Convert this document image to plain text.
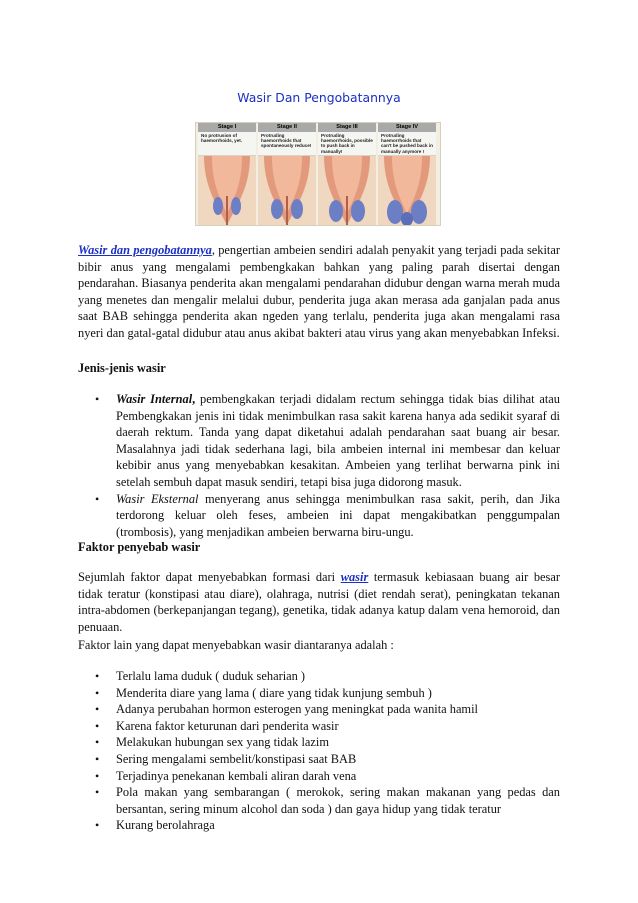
Wasir Dan Pengobatannya
Stage I
No protrusion of haemorrhoids, yet.
Stage II
Protruding haemorrhoids that spontaneously reduce!
Stage III
Protruding haemorrhoids, possible to push back in manually!
Stage IV
Protruding haemorrhoids that can't be pushed back in manually anymore !

Wasir dan pengobatannya, pengertian ambeien sendiri adalah penyakit yang terjadi pada sekitar bibir anus yang mengalami pembengkakan bahkan yang paling parah disertai dengan pendarahan. Biasanya penderita akan mengalami pendarahan didubur dengan warna merah muda yang menetes dan mengalir melalui dubur, penderita juga akan merasa ada ganjalan pada anus saat BAB sehingga penderita akan ngeden yang terlalu, penderita juga akan mengalami rasa nyeri dan gatal-gatal didubur atau anus akibat bakteri atau virus yang akan menyebabkan Infeksi.

Jenis-jenis wasir

• Wasir Internal, pembengkakan terjadi didalam rectum sehingga tidak bias dilihat atau Pembengkakan jenis ini tidak menimbulkan rasa sakit karena hanya ada sedikit syaraf di daerah rektum. Tanda yang dapat diketahui adalah pendarahan saat buang air besar. Masalahnya jadi tidak sederhana lagi, bila ambeien internal ini membesar dan keluar kebibir anus yang menyebabkan kesakitan. Ambeien yang terlihat berwarna pink ini setelah sembuh dapat masuk sendiri, tetapi bisa juga didorong masuk.
• Wasir Eksternal menyerang anus sehingga menimbulkan rasa sakit, perih, dan Jika terdorong keluar oleh feses, ambeien ini dapat mengakibatkan penggumpalan (trombosis), yang menjadikan ambeien berwarna biru-ungu.

Faktor penyebab wasir

Sejumlah faktor dapat menyebabkan formasi dari wasir termasuk kebiasaan buang air besar tidak teratur (konstipasi atau diare), olahraga, nutrisi (diet rendah serat), peningkatan tekanan intra-abdomen (berkepanjangan tegang), genetika, tidak adanya katup dalam vena hemoroid, dan penuaan.

Faktor lain yang dapat menyebabkan wasir diantaranya adalah :

• Terlalu lama duduk ( duduk seharian )
• Menderita diare yang lama ( diare yang tidak kunjung sembuh )
• Adanya perubahan hormon esterogen yang meningkat pada wanita hamil
• Karena faktor keturunan dari penderita wasir
• Melakukan hubungan sex yang tidak lazim
• Sering mengalami sembelit/konstipasi saat BAB
• Terjadinya penekanan kembali aliran darah vena
• Pola makan yang sembarangan ( merokok, sering makan makanan yang pedas dan bersantan, sering minum alcohol dan soda ) dan gaya hidup yang tidak teratur
• Kurang berolahraga
